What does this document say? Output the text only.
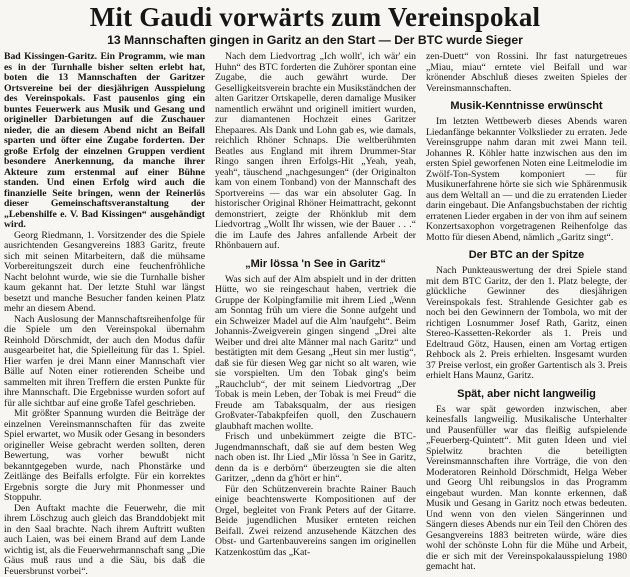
Mit Gaudi vorwärts zum Vereinspokal
13 Mannschaften gingen in Garitz an den Start — Der BTC wurde Sieger

Bad Kissingen-Garitz. Ein Programm, wie man es in der Turnhalle bisher selten erlebt hat, boten die 13 Mannschaften der Garitzer Ortsvereine bei der diesjährigen Ausspielung des Vereinspokals. Fast pausenlos ging ein buntes Feuerwerk aus Musik und Gesang und origineller Darbietungen auf die Zuschauer nieder, die an diesem Abend nicht an Beifall sparten und öfter eine Zugabe forderten. Der große Erfolg der einzelnen Gruppen verdient besondere Anerkennung, da manche ihrer Akteure zum erstenmal auf einer Bühne standen. Und einen Erfolg wird auch die finanzielle Seite bringen, wenn der Reinerlös dieser Gemeinschaftsveranstaltung der „Lebenshilfe e. V. Bad Kissingen“ ausgehändigt wird.

Georg Riedmann, 1. Vorsitzender des die Spiele ausrichtenden Gesangvereins 1883 Garitz, freute sich mit seinen Mitarbeitern, daß die mühsame Vorbereitungszeit durch eine feuchenfröhliche Nacht belohnt wurde, wie sie die Turnhalle bisher kaum gekannt hat. Der letzte Stuhl war längst besetzt und manche Besucher fanden keinen Platz mehr an diesem Abend.

Nach Auslosung der Mannschaftsreihenfolge für die Spiele um den Vereinspokal übernahm Reinhold Dörschmidt, der auch den Modus dafür ausgearbeitet hat, die Spielleitung für das 1. Spiel. Hier warfen je drei Mann einer Mannschaft vier Bälle auf Noten einer rotierenden Scheibe und sammelten mit ihren Treffern die ersten Punkte für ihre Mannschaft. Die Ergebnisse wurden sofort auf für alle sichtbar auf eine große Tafel geschrieben.

Mit größter Spannung wurden die Beiträge der einzelnen Vereinsmannschaften für das zweite Spiel erwartet, wo Musik oder Gesang in besonders origineller Weise gebracht werden sollten, deren Bewertung, was vorher bewußt nicht bekanntgegeben wurde, nach Phonstärke und Zeitlänge des Beifalls erfolgte. Für ein korrektes Ergebnis sorgte die Jury mit Phonmesser und Stoppuhr.

Den Auftakt machte die Feuerwehr, die mit ihrem Löschzug auch gleich das Branddobjekt mit in den Saal brachte. Nach ihrem Auftritt wußten auch Laien, was bei einem Brand auf dem Lande wichtig ist, als die Feuerwehrmannschaft sang „Die Gäus muß raus und a die Säu, bis daß die Feuersbrunst vorbei“.

Nach dem Liedvortrag „Ich wollt', ich wär' ein Huhn“ des BTC forderten die Zuhörer spontan eine Zugabe, die auch gewährt wurde. Der Geselligkeitsverein brachte ein Musikständchen der alten Garitzer Ortskapelle, deren damalige Musiker namentlich erwähnt und originell imitiert wurden, zur diamantenen Hochzeit eines Garitzer Ehepaares. Als Dank und Lohn gab es, wie damals, reichlich Rhöner Schnaps. Die weltberühmten Beatles aus England mit ihrem Drummer-Star Ringo sangen ihren Erfolgs-Hit „Yeah, yeah, yeah“, täuschend „nachgesungen“ (der Originalton kam von einem Tonband) von der Mannschaft des Sportvereins — das war ein absoluter Gag. In historischer Original Rhöner Heimattracht, gekonnt demonstriert, zeigte der Rhönklub mit dem Liedvortrag „Wollt Ihr wissen, wie der Bauer . . .“ die im Laufe des Jahres anfallende Arbeit der Rhönbauern auf.

„Mir lössa 'n See in Garitz“

Was sich auf der Alm abspielt und in der dritten Hütte, wo sie reingeschaut haben, vertriek die Gruppe der Kolpingfamilie mit ihrem Lied „Wenn am Sonntag früh um viere die Sonne aufgeht und ein Schweizer Madel auf die Alm 'naufgeht“. Beim Johannis-Zweigverein gingen singend „Drei alte Weiber und drei alte Männer mal nach Garitz“ und bestätigten mit dem Gesang „Heut sin mer lustig“, daß sie für diesen Weg gar nicht so alt waren, wie sie vorspielten. Um den Tobak ging's beim „Rauchclub“, der mit seinem Liedvortrag „Der Tobak is mein Leben, der Tobak is mei Freud“ die Freude am Tabaksqualm, der aus riesigen Großvater-Tabakpfeifen quoll, den Zuschauern glaubhaft machen wollte.

Frisch und unbekümmert zeigte die BTC-Jugendmannschaft, daß sie auf dem besten Weg nach oben ist. Ihr Lied „Mir lössa 'n See in Garitz, denn da is e derbörn“ überzeugten sie die alten Garitzer, „denn da g'hört er hin“.

Für den Schützenverein brachte Rainer Bauch einige beachtenswerte Kompositionen auf der Orgel, begleitet von Frank Peters auf der Gitarre. Beide jugendlichen Musiker ernteten reichen Beifall. Zwei reizend anzusehende Kätzchen des Obst- und Gartenbauvereins sangen im originellen Katzenkostüm das „Kat-

zen-Duett“ von Rossini. Ihr fast naturgetreues „Miau, miau“ erntete viel Beifall und war krönender Abschluß dieses zweiten Spieles der Vereinsmannschaften.

Musik-Kenntnisse erwünscht

Im letzten Wettbewerb dieses Abends waren Liedanfänge bekannter Volkslieder zu erraten. Jede Vereinsgruppe nahm daran mit zwei Mann teil. Johannes R. Köhler hatte inzwischen aus den im ersten Spiel geworfenen Noten eine Leitmelodie im Zwölf-Ton-System komponiert — für Musikunerfahrene hörte sie sich wie Sphärenmusik aus dem Weltall an — und die zu erratenden Lieder darin eingebaut. Die Anfangsbuchstaben der richtig erratenen Lieder ergaben in der von ihm auf seinem Konzertsaxophon vorgetragenen Reihenfolge das Motto für diesen Abend, nämlich „Garitz singt“.

Der BTC an der Spitze

Nach Punkteauswertung der drei Spiele stand mit dem BTC Garitz, der den 1. Platz belegte, der glückliche Gewinner des diesjährigen Vereinspokals fest. Strahlende Gesichter gab es noch bei den Gewinnern der Tombola, wo mit der richtigen Losnummer Josef Rath, Garitz, einen Stereo-Kassetten-Rekorder als 1. Preis und Edeltraud Götz, Hausen, einen am Vortag ertigen Rehbock als 2. Preis erhielten. Insgesamt wurden 37 Preise verlost, ein großer Gartentisch als 3. Preis erhielt Hans Maunz, Garitz.

Spät, aber nicht langweilig

Es war spät geworden inzwischen, aber keinesfalls langweilig. Musikalische Unterhalter und Pausenfüller war das fleißig aufspielende „Feuerberg-Quintett“. Mit guten Ideen und viel Spielwitz brachten die beteiligten Vereinsmannschaften ihre Vorträge, die von den Moderatoren Reinhold Dörschmidt, Helga Weber und Georg Uhl reibungslos in das Programm eingebaut wurden. Man konnte erkennen, daß Musik und Gesang in Garitz noch etwas bedeuten. Und wenn von den vielen Sängerinnen und Sängern dieses Abends nur ein Teil den Chören des Gesangvereins 1883 beitreten würde, wäre dies wohl der schönste Lohn für die Mühe und Arbeit, die er sich mit der Vereinspokalausspielung 1980 gemacht hat.
